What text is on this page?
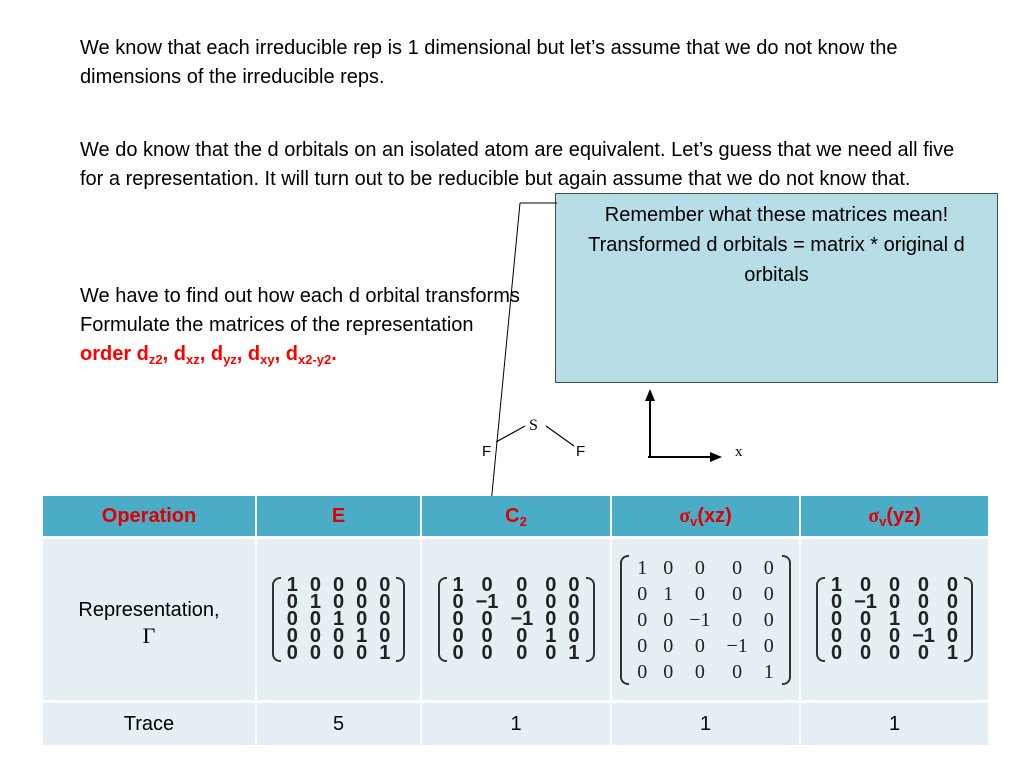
We know that each irreducible rep is 1 dimensional but let’s assume that we do not know the dimensions of the irreducible reps.
We do know that the d orbitals on an isolated atom are equivalent. Let’s guess that we need all five for a representation. It will turn out to be reducible but again assume that we do not know that.
We have to find out how each d orbital transforms
Formulate the matrices of the representation
order $d_{z2}$, $d_{xz}$, $d_{yz}$, $d_{xy}$, $d_{x2-y2}$.
Remember what these matrices mean!
Transformed d orbitals = matrix * original d orbitals
S
F	F	x
Operation	E	$C_2$	$\sigma_v(xz)$	$\sigma_v(yz)$
Representation,
Γ

1	0	0	0	0
0	1	0	0	0
0	0	1	0	0
0	0	0	1	0
0	0	0	0	1

1	0	0	0	0
0	−1	0	0	0
0	0	−1	0	0
0	0	0	1	0
0	0	0	0	1

1	0	0	0	0
0	1	0	0	0
0	0	−1	0	0
0	0	0	−1	0
0	0	0	0	1

1	0	0	0	0
0	−1	0	0	0
0	0	1	0	0
0	0	0	−1	0
0	0	0	0	1

Trace	5	1	1	1
